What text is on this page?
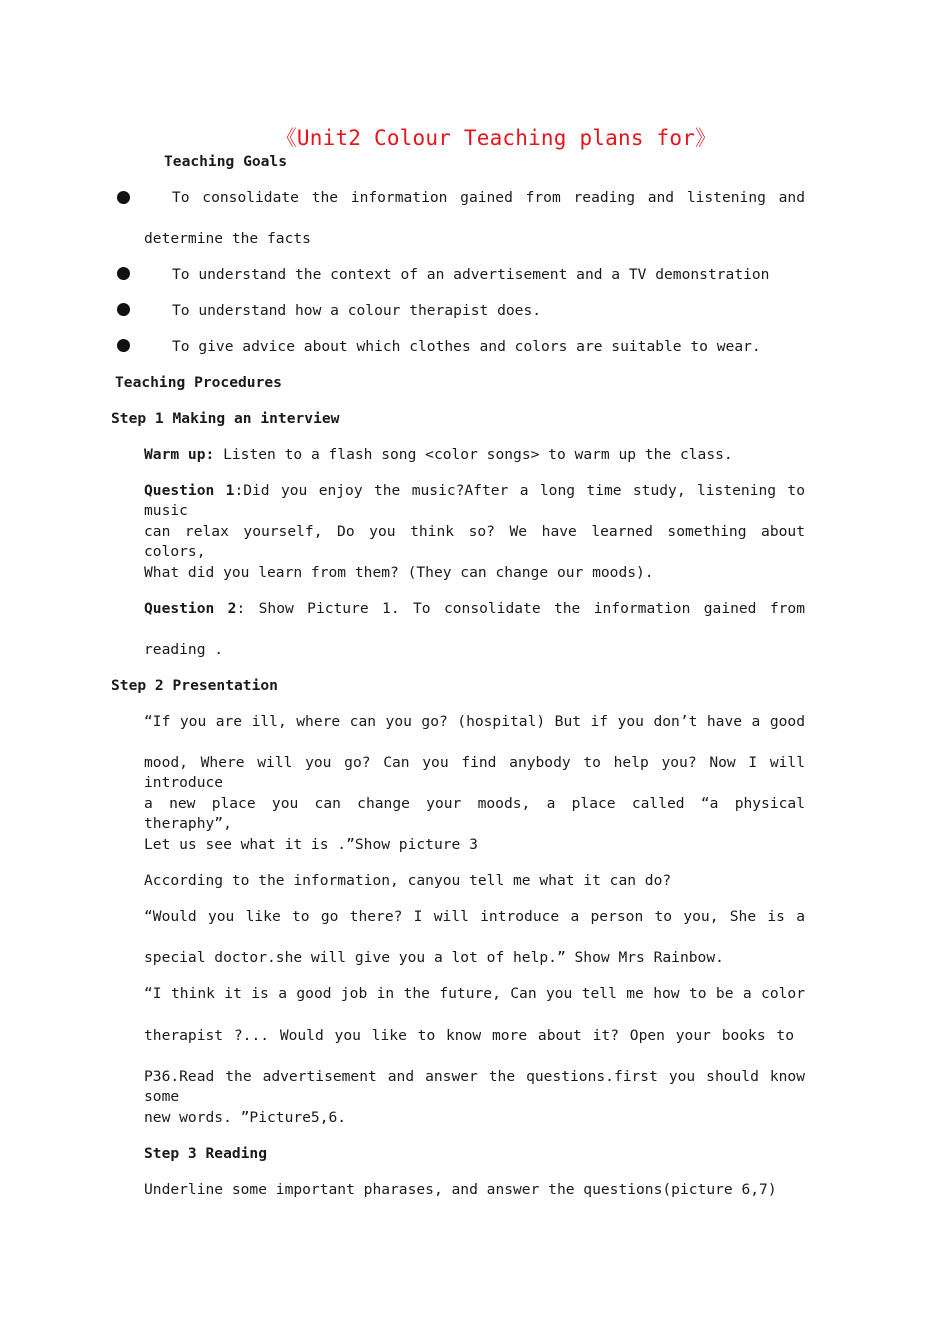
《Unit2 Colour Teaching plans for》
Teaching Goals
To consolidate the information gained from reading and listening and
determine the facts
To understand the context of an advertisement and a TV demonstration
To understand how a colour therapist does.
To give advice about which clothes and colors are suitable to wear.
Teaching Procedures
Step 1 Making an interview
Warm up: Listen to a flash song <color songs> to warm up the class.
Question 1:Did you enjoy the music?After a long time study, listening to music
can relax yourself, Do you think so? We have learned something about colors,
What did you learn from them? (They can change our moods).
Question 2: Show Picture 1. To consolidate the information gained from
reading .
Step 2 Presentation
“If you are ill, where can you go? (hospital) But if you don’t have a good
mood, Where will you go? Can you find anybody to help you? Now I will introduce
a new place you can change your moods, a place called “a physical theraphy”,
Let us see what it is .”Show picture 3
According to the information, canyou tell me what it can do?
“Would you like to go there? I will introduce a person to you, She is a
special doctor.she will give you a lot of help.” Show Mrs Rainbow.
“I think it is a good job in the future, Can you tell me how to be a color
therapist ?... Would you like to know more about it? Open your books to
P36.Read the advertisement and answer the questions.first you should know some
new words. ”Picture5,6.
Step 3 Reading
Underline some important pharases, and answer the questions(picture 6,7)
